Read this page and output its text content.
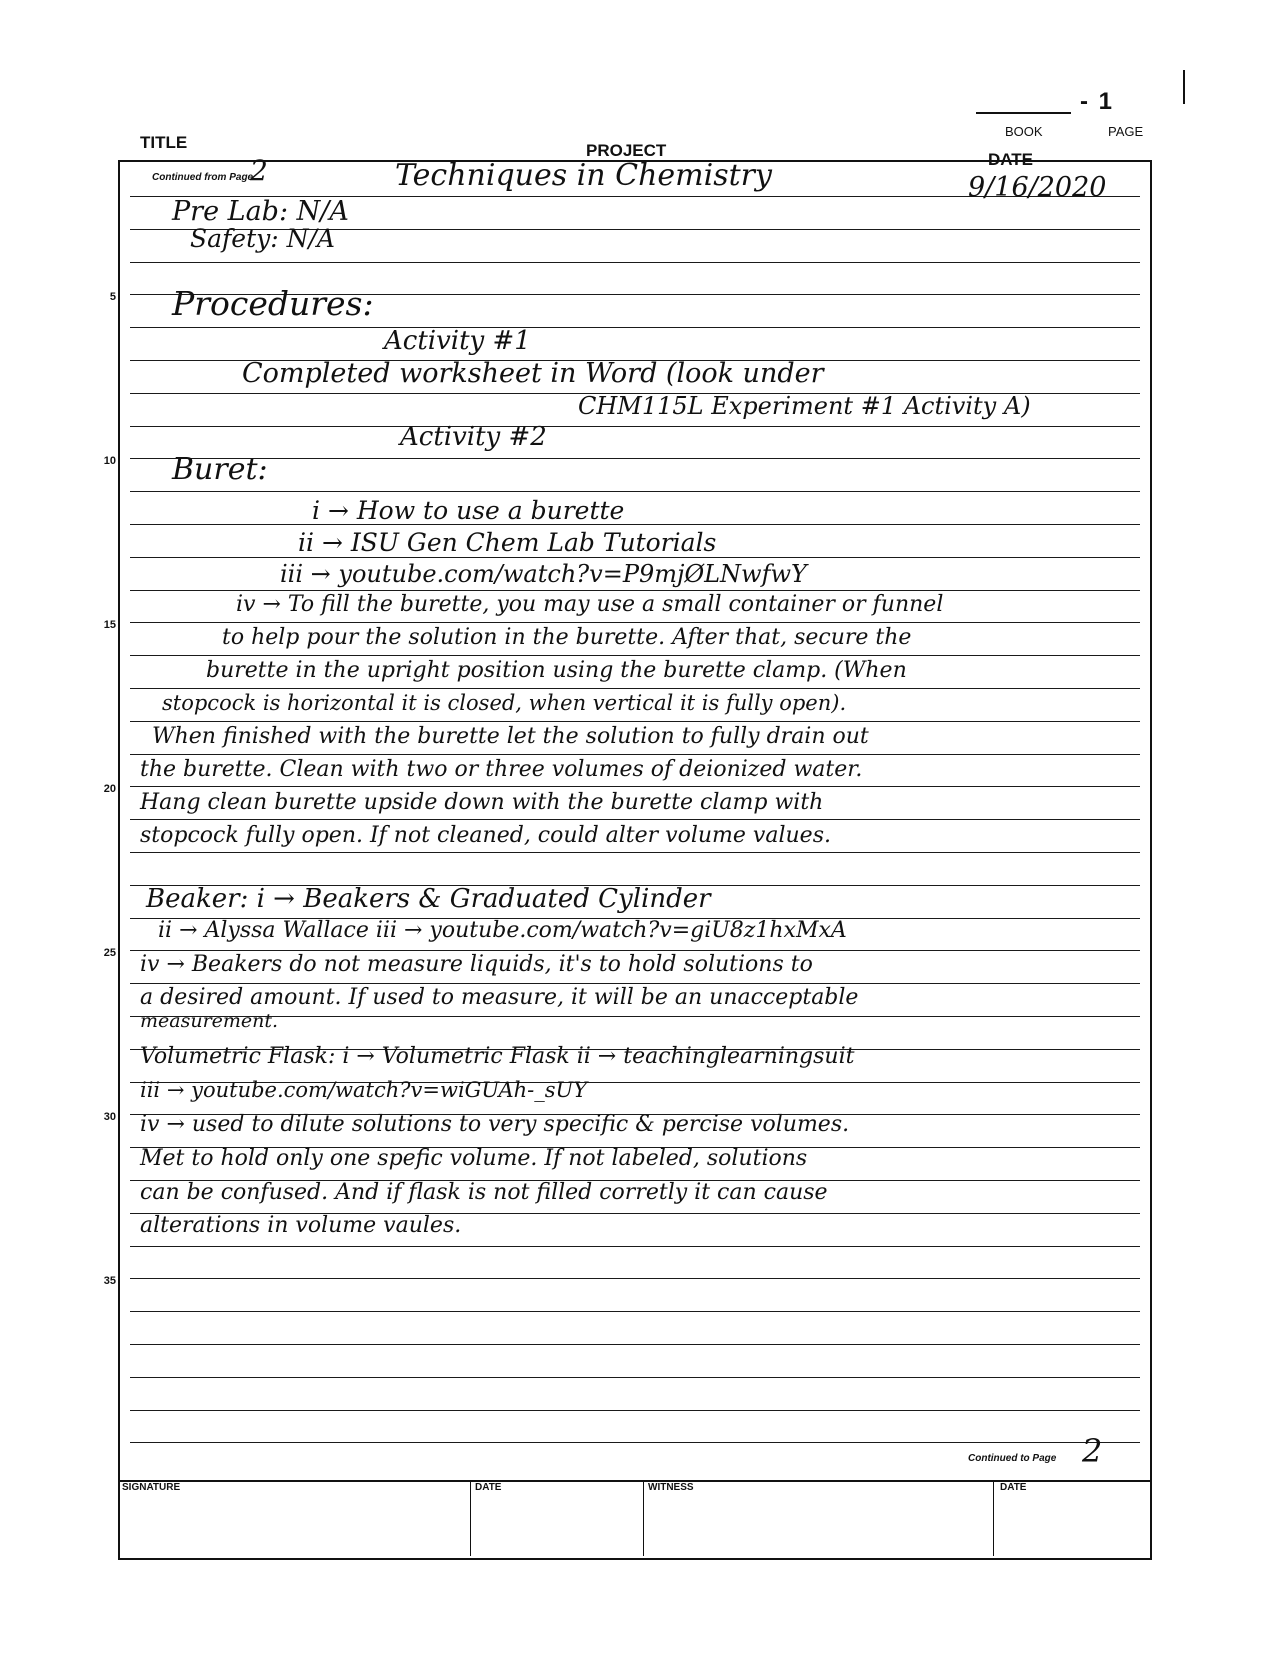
- 1
BOOK	PAGE
TITLE	PROJECT	DATE
5
10
15
20
25
30
35
Continued from Page
2	Techniques in Chemistry	9/16/2020
Pre Lab: N/A
Safety: N/A
Procedures:
Activity #1
Completed worksheet in Word (look under
CHM115L Experiment #1 Activity A)
Activity #2
Buret:
i → How to use a burette
ii → ISU Gen Chem Lab Tutorials
iii → youtube.com/watch?v=P9mjØLNwfwY
iv → To fill the burette, you may use a small container or funnel
to help pour the solution in the burette. After that, secure the
burette in the upright position using the burette clamp. (When
stopcock is horizontal it is closed, when vertical it is fully open).
When finished with the burette let the solution to fully drain out
the burette. Clean with two or three volumes of deionized water.
Hang clean burette upside down with the burette clamp with
stopcock fully open. If not cleaned, could alter volume values.
Beaker: i → Beakers & Graduated Cylinder
ii → Alyssa Wallace iii → youtube.com/watch?v=giU8z1hxMxA
iv → Beakers do not measure liquids, it's to hold solutions to
a desired amount. If used to measure, it will be an unacceptable
measurement.
Volumetric Flask: i → Volumetric Flask ii → teachinglearningsuit
iii → youtube.com/watch?v=wiGUAh-_sUY
iv → used to dilute solutions to very specific & percise volumes.
Met to hold only one spefic volume. If not labeled, solutions
can be confused. And if flask is not filled corretly it can cause
alterations in volume vaules.
Continued to Page 2
SIGNATURE	DATE	WITNESS	DATE
